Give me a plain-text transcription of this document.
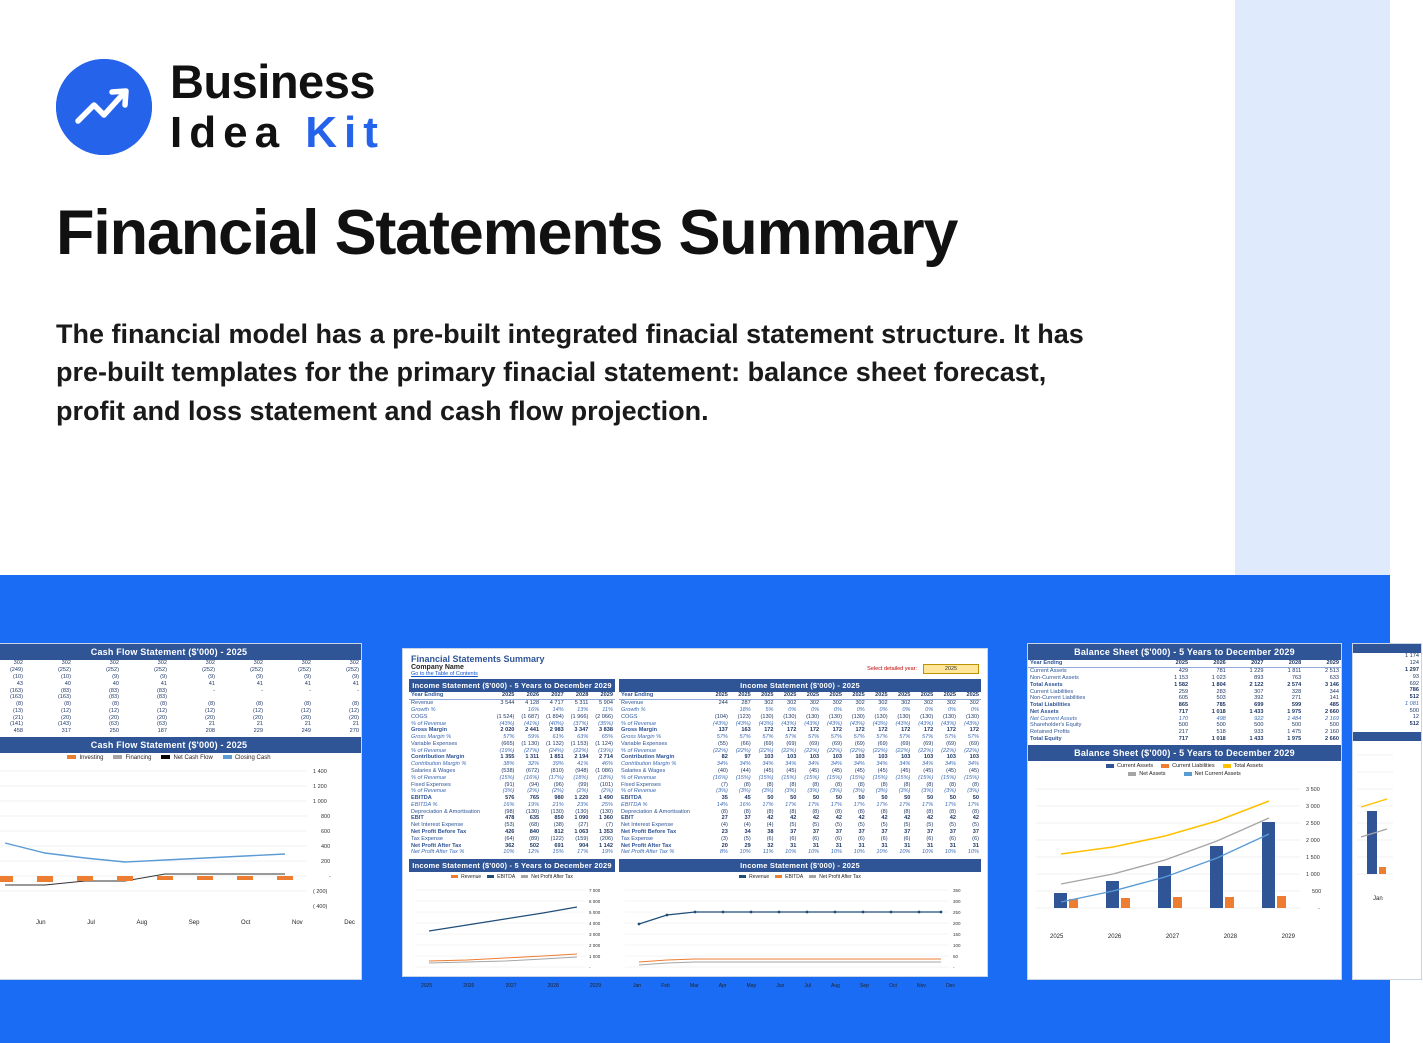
Business
Idea Kit
Financial Statements Summary
The financial model has a pre-built integrated finacial statement structure. It has pre-built templates for the primary finacial statement: balance sheet forecast, profit and loss statement and cash flow projection.
Cash Flow Statement ($'000) - 2025
302	302	302	302	302	302	302	302
(249)	(252)	(252)	(252)	(252)	(252)	(252)	(252)
(10)	(10)	(9)	(9)	(9)	(9)	(9)	(9)
43	40	40	41	41	41	41	41
(163)	(83)	(83)	(83)	-	-	-	-
(163)	(163)	(83)	(83)				
(8)	(8)	(8)	(8)	(8)	(8)	(8)	(8)
(13)	(12)	(12)	(12)	(12)	(12)	(12)	(12)
(21)	(20)	(20)	(20)	(20)	(20)	(20)	(20)
(141)	(143)	(63)	(63)	21	21	21	21
458	317	250	187	208	229	249	270
Cash Flow Statement ($'000) - 2025
Investing	Financing	Net Cash Flow	Closing Cash
1 400
1 200
1 000
800
600
400
200
-
( 200)
( 400)
Jun	Jul	Aug	Sep	Oct	Nov	Dec
Financial Statements Summary
Company Name
Go to the Table of Contents
Select detailed year:	2025
Income Statement ($'000) - 5 Years to December 2029
Year Ending	2025	2026	2027	2028	2029
Revenue	3 544	4 128	4 717	5 311	5 904
Growth %		16%	14%	13%	11%
COGS	(1 524)	(1 687)	(1 894)	(1 966)	(2 066)
% of Revenue	(43%)	(41%)	(40%)	(37%)	(35%)
Gross Margin	2 020	2 441	2 983	3 347	3 838
Gross Margin %	57%	59%	61%	63%	65%
Variable Expenses	(665)	(1 130)	(1 132)	(1 153)	(1 124)
% of Revenue	(19%)	(27%)	(24%)	(22%)	(19%)
Contribution Margin	1 355	1 311	1 851	2 194	2 714
Contribution Margin %	38%	32%	39%	41%	46%
Salaries & Wages	(538)	(672)	(810)	(948)	(1 086)
% of Revenue	(15%)	(16%)	(17%)	(18%)	(18%)
Fixed Expenses	(91)	(94)	(96)	(99)	(101)
% of Revenue	(3%)	(2%)	(2%)	(2%)	(2%)
EBITDA	576	765	980	1 220	1 490
EBITDA %	16%	19%	21%	23%	25%
Depreciation & Amortisation	(98)	(130)	(130)	(130)	(130)
EBIT	478	635	850	1 090	1 360
Net Interest Expense	(53)	(68)	(38)	(27)	(7)
Net Profit Before Tax	426	840	812	1 063	1 353
Tax Expense	(64)	(89)	(122)	(159)	(206)
Net Profit After Tax	362	502	691	904	1 142
Net Profit After Tax %	10%	12%	15%	17%	19%
Income Statement ($'000) - 2025
Year Ending	2025	2025	2025	2025	2025	2025	2025	2025	2025	2025	2025	2025
Revenue	244	287	302	302	302	302	302	302	302	302	302	302
Growth %		18%	5%	0%	0%	0%	0%	0%	0%	0%	0%	0%
COGS	(104)	(123)	(130)	(130)	(130)	(130)	(130)	(130)	(130)	(130)	(130)	(130)
% of Revenue	(43%)	(43%)	(43%)	(43%)	(43%)	(43%)	(43%)	(43%)	(43%)	(43%)	(43%)	(43%)
Gross Margin	137	163	172	172	172	172	172	172	172	172	172	172
Gross Margin %	57%	57%	57%	57%	57%	57%	57%	57%	57%	57%	57%	57%
Variable Expenses	(55)	(66)	(69)	(69)	(69)	(69)	(69)	(69)	(69)	(69)	(69)	(69)
% of Revenue	(22%)	(22%)	(22%)	(22%)	(22%)	(22%)	(22%)	(22%)	(22%)	(22%)	(22%)	(22%)
Contribution Margin	82	97	103	103	103	103	103	103	103	103	103	103
Contribution Margin %	34%	34%	34%	34%	34%	34%	34%	34%	34%	34%	34%	34%
Salaries & Wages	(40)	(44)	(45)	(45)	(45)	(45)	(45)	(45)	(45)	(45)	(45)	(45)
% of Revenue	(16%)	(15%)	(15%)	(15%)	(15%)	(15%)	(15%)	(15%)	(15%)	(15%)	(15%)	(15%)
Fixed Expenses	(7)	(8)	(8)	(8)	(8)	(8)	(8)	(8)	(8)	(8)	(8)	(8)
% of Revenue	(3%)	(3%)	(3%)	(3%)	(3%)	(3%)	(3%)	(3%)	(3%)	(3%)	(3%)	(3%)
EBITDA	35	45	50	50	50	50	50	50	50	50	50	50
EBITDA %	14%	16%	17%	17%	17%	17%	17%	17%	17%	17%	17%	17%
Depreciation & Amortisation	(8)	(8)	(8)	(8)	(8)	(8)	(8)	(8)	(8)	(8)	(8)	(8)
EBIT	27	37	42	42	42	42	42	42	42	42	42	42
Net Interest Expense	(4)	(4)	(4)	(5)	(5)	(5)	(5)	(5)	(5)	(5)	(5)	(5)
Net Profit Before Tax	23	34	38	37	37	37	37	37	37	37	37	37
Tax Expense	(3)	(5)	(6)	(6)	(6)	(6)	(6)	(6)	(6)	(6)	(6)	(6)
Net Profit After Tax	20	29	32	31	31	31	31	31	31	31	31	31
Net Profit After Tax %	8%	10%	11%	10%	10%	10%	10%	10%	10%	10%	10%	10%
Income Statement ($'000) - 5 Years to December 2029
Revenue	EBITDA	Net Profit After Tax
7 000
6 000
5 000
4 000
3 000
2 000
1 000
-
2025	2026	2027	2028	2029
Income Statement ($'000) - 2025
Revenue	EBITDA	Net Profit After Tax
350
300
250
200
150
100
50
-
Jan	Feb	Mar	Apr	May	Jun	Jul	Aug	Sep	Oct	Nov	Dec
Balance Sheet ($'000) - 5 Years to December 2029
Year Ending	2025	2026	2027	2028	2029
Current Assets	429	781	1 229	1 811	2 513
Non-Current Assets	1 153	1 023	893	763	633
Total Assets	1 582	1 804	2 122	2 574	3 146
Current Liabilities	259	283	307	328	344
Non-Current Liabilities	605	503	392	271	141
Total Liabilities	865	785	699	599	485
Net Assets	717	1 018	1 433	1 975	2 660
Net Current Assets	170	498	922	1 484	2 169
Shareholder's Equity	500	500	500	500	500
Retained Profits	217	518	933	1 475	2 160
Total Equity	717	1 018	1 433	1 975	2 660
Balance Sheet ($'000) - 5 Years to December 2029
Current Assets	Current Liabilities	Total Assets
Net Assets	Net Current Assets
3 500
3 000
2 500
2 000
1 500
1 000
500
-
2025	2026	2027	2028	2029
1 174
124
1 297
93
692
786
512
1 081
500
12
512
Jan
